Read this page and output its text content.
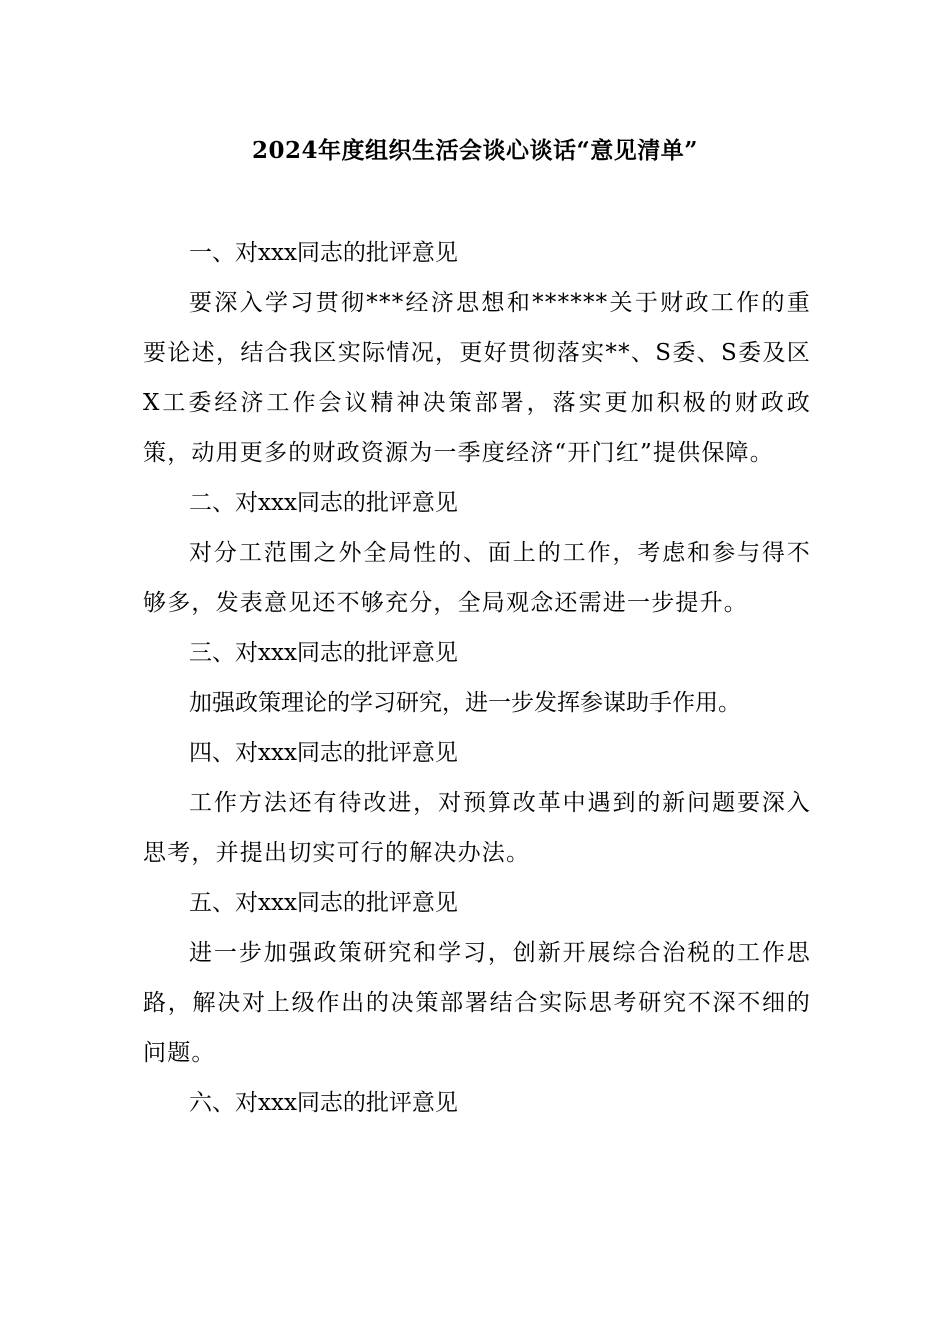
2024年度组织生活会谈心谈话“意见清单”

一、对xxx同志的批评意见

要深入学习贯彻***经济思想和******关于财政工作的重要论述，结合我区实际情况，更好贯彻落实**、S委、S委及区X工委经济工作会议精神决策部署，落实更加积极的财政政策，动用更多的财政资源为一季度经济“开门红”提供保障。

二、对xxx同志的批评意见

对分工范围之外全局性的、面上的工作，考虑和参与得不够多，发表意见还不够充分，全局观念还需进一步提升。

三、对xxx同志的批评意见

加强政策理论的学习研究，进一步发挥参谋助手作用。

四、对xxx同志的批评意见

工作方法还有待改进，对预算改革中遇到的新问题要深入思考，并提出切实可行的解决办法。

五、对xxx同志的批评意见

进一步加强政策研究和学习，创新开展综合治税的工作思路，解决对上级作出的决策部署结合实际思考研究不深不细的问题。

六、对xxx同志的批评意见
